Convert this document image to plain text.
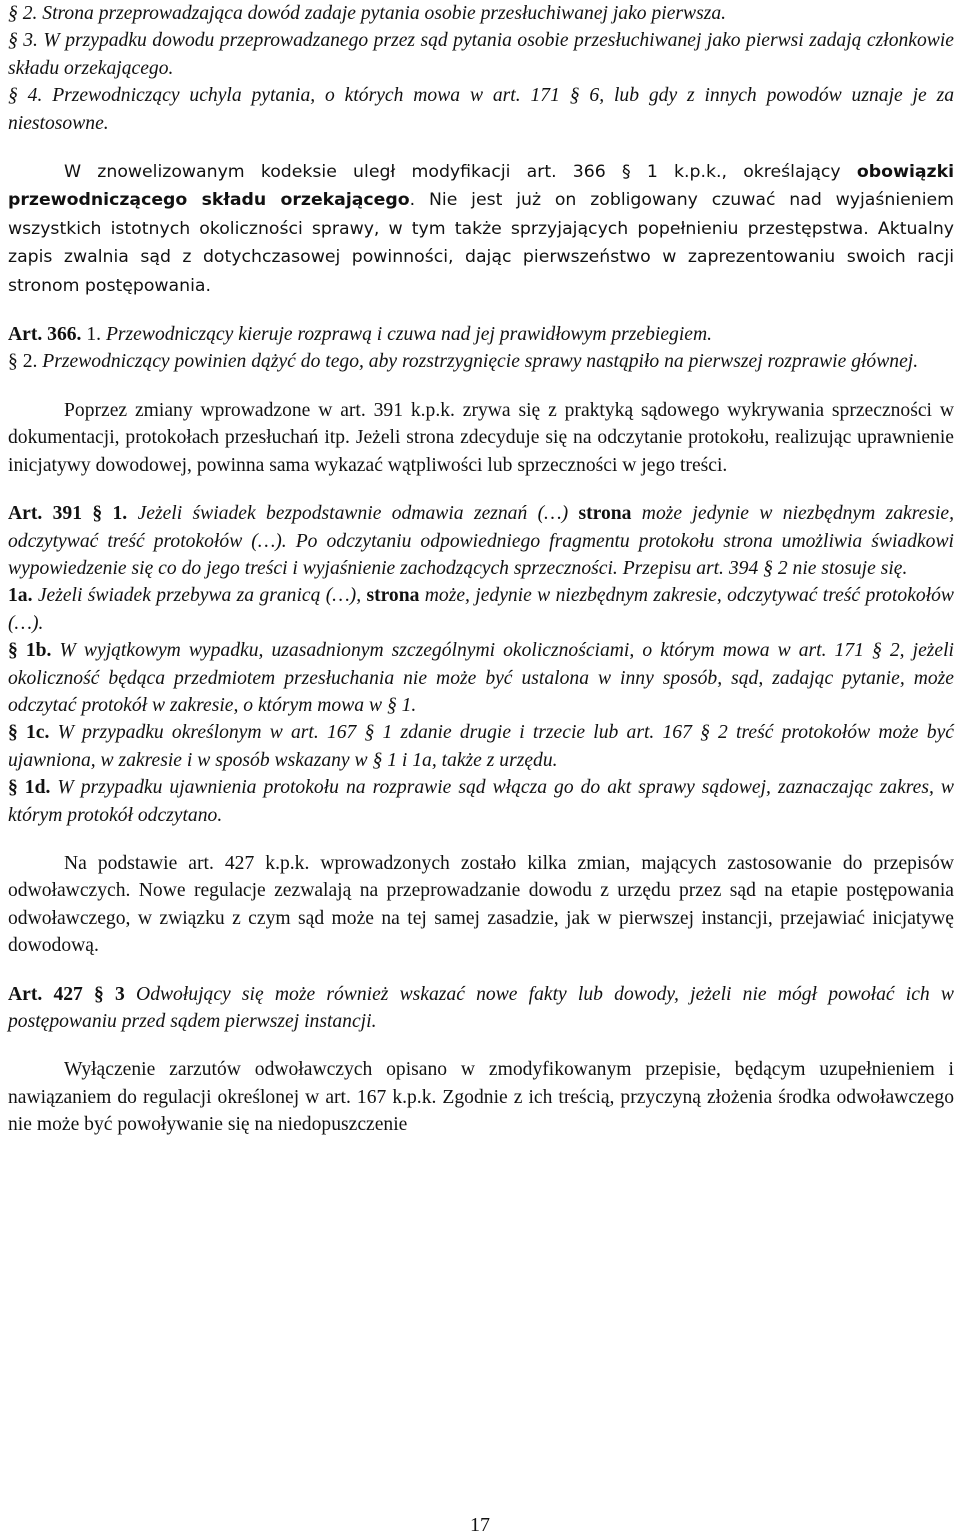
§ 2. Strona przeprowadzająca dowód zadaje pytania osobie przesłuchiwanej jako pierwsza.

§ 3. W przypadku dowodu przeprowadzanego przez sąd pytania osobie przesłuchiwanej jako pierwsi zadają członkowie składu orzekającego.

§ 4. Przewodniczący uchyla pytania, o których mowa w art. 171 § 6, lub gdy z innych powodów uznaje je za niestosowne.

W znowelizowanym kodeksie uległ modyfikacji art. 366 § 1 k.p.k., określający obowiązki przewodniczącego składu orzekającego. Nie jest już on zobligowany czuwać nad wyjaśnieniem wszystkich istotnych okoliczności sprawy, w tym także sprzyjających popełnieniu przestępstwa. Aktualny zapis zwalnia sąd z dotychczasowej powinności, dając pierwszeństwo w zaprezentowaniu swoich racji stronom postępowania.

Art. 366. 1. Przewodniczący kieruje rozprawą i czuwa nad jej prawidłowym przebiegiem.

§ 2. Przewodniczący powinien dążyć do tego, aby rozstrzygnięcie sprawy nastąpiło na pierwszej rozprawie głównej.

Poprzez zmiany wprowadzone w art. 391 k.p.k. zrywa się z praktyką sądowego wykrywania sprzeczności w dokumentacji, protokołach przesłuchań itp. Jeżeli strona zdecyduje się na odczytanie protokołu, realizując uprawnienie inicjatywy dowodowej, powinna sama wykazać wątpliwości lub sprzeczności w jego treści.

Art. 391 § 1. Jeżeli świadek bezpodstawnie odmawia zeznań (…) strona może jedynie w niezbędnym zakresie, odczytywać treść protokołów (…). Po odczytaniu odpowiedniego fragmentu protokołu strona umożliwia świadkowi wypowiedzenie się co do jego treści i wyjaśnienie zachodzących sprzeczności. Przepisu art. 394 § 2 nie stosuje się.

1a. Jeżeli świadek przebywa za granicą (…), strona może, jedynie w niezbędnym zakresie, odczytywać treść protokołów (…).

§ 1b. W wyjątkowym wypadku, uzasadnionym szczególnymi okolicznościami, o którym mowa w art. 171 § 2, jeżeli okoliczność będąca przedmiotem przesłuchania nie może być ustalona w inny sposób, sąd, zadając pytanie, może odczytać protokół w zakresie, o którym mowa w § 1.

§ 1c. W przypadku określonym w art. 167 § 1 zdanie drugie i trzecie lub art. 167 § 2 treść protokołów może być ujawniona, w zakresie i w sposób wskazany w § 1 i 1a, także z urzędu.

§ 1d. W przypadku ujawnienia protokołu na rozprawie sąd włącza go do akt sprawy sądowej, zaznaczając zakres, w którym protokół odczytano.

Na podstawie art. 427 k.p.k. wprowadzonych zostało kilka zmian, mających zastosowanie do przepisów odwoławczych. Nowe regulacje zezwalają na przeprowadzanie dowodu z urzędu przez sąd na etapie postępowania odwoławczego, w związku z czym sąd może na tej samej zasadzie, jak w pierwszej instancji, przejawiać inicjatywę dowodową.

Art. 427 § 3 Odwołujący się może również wskazać nowe fakty lub dowody, jeżeli nie mógł powołać ich w postępowaniu przed sądem pierwszej instancji.

Wyłączenie zarzutów odwoławczych opisano w zmodyfikowanym przepisie, będącym uzupełnieniem i nawiązaniem do regulacji określonej w art. 167 k.p.k. Zgodnie z ich treścią, przyczyną złożenia środka odwoławczego nie może być powoływanie się na niedopuszczenie

17
